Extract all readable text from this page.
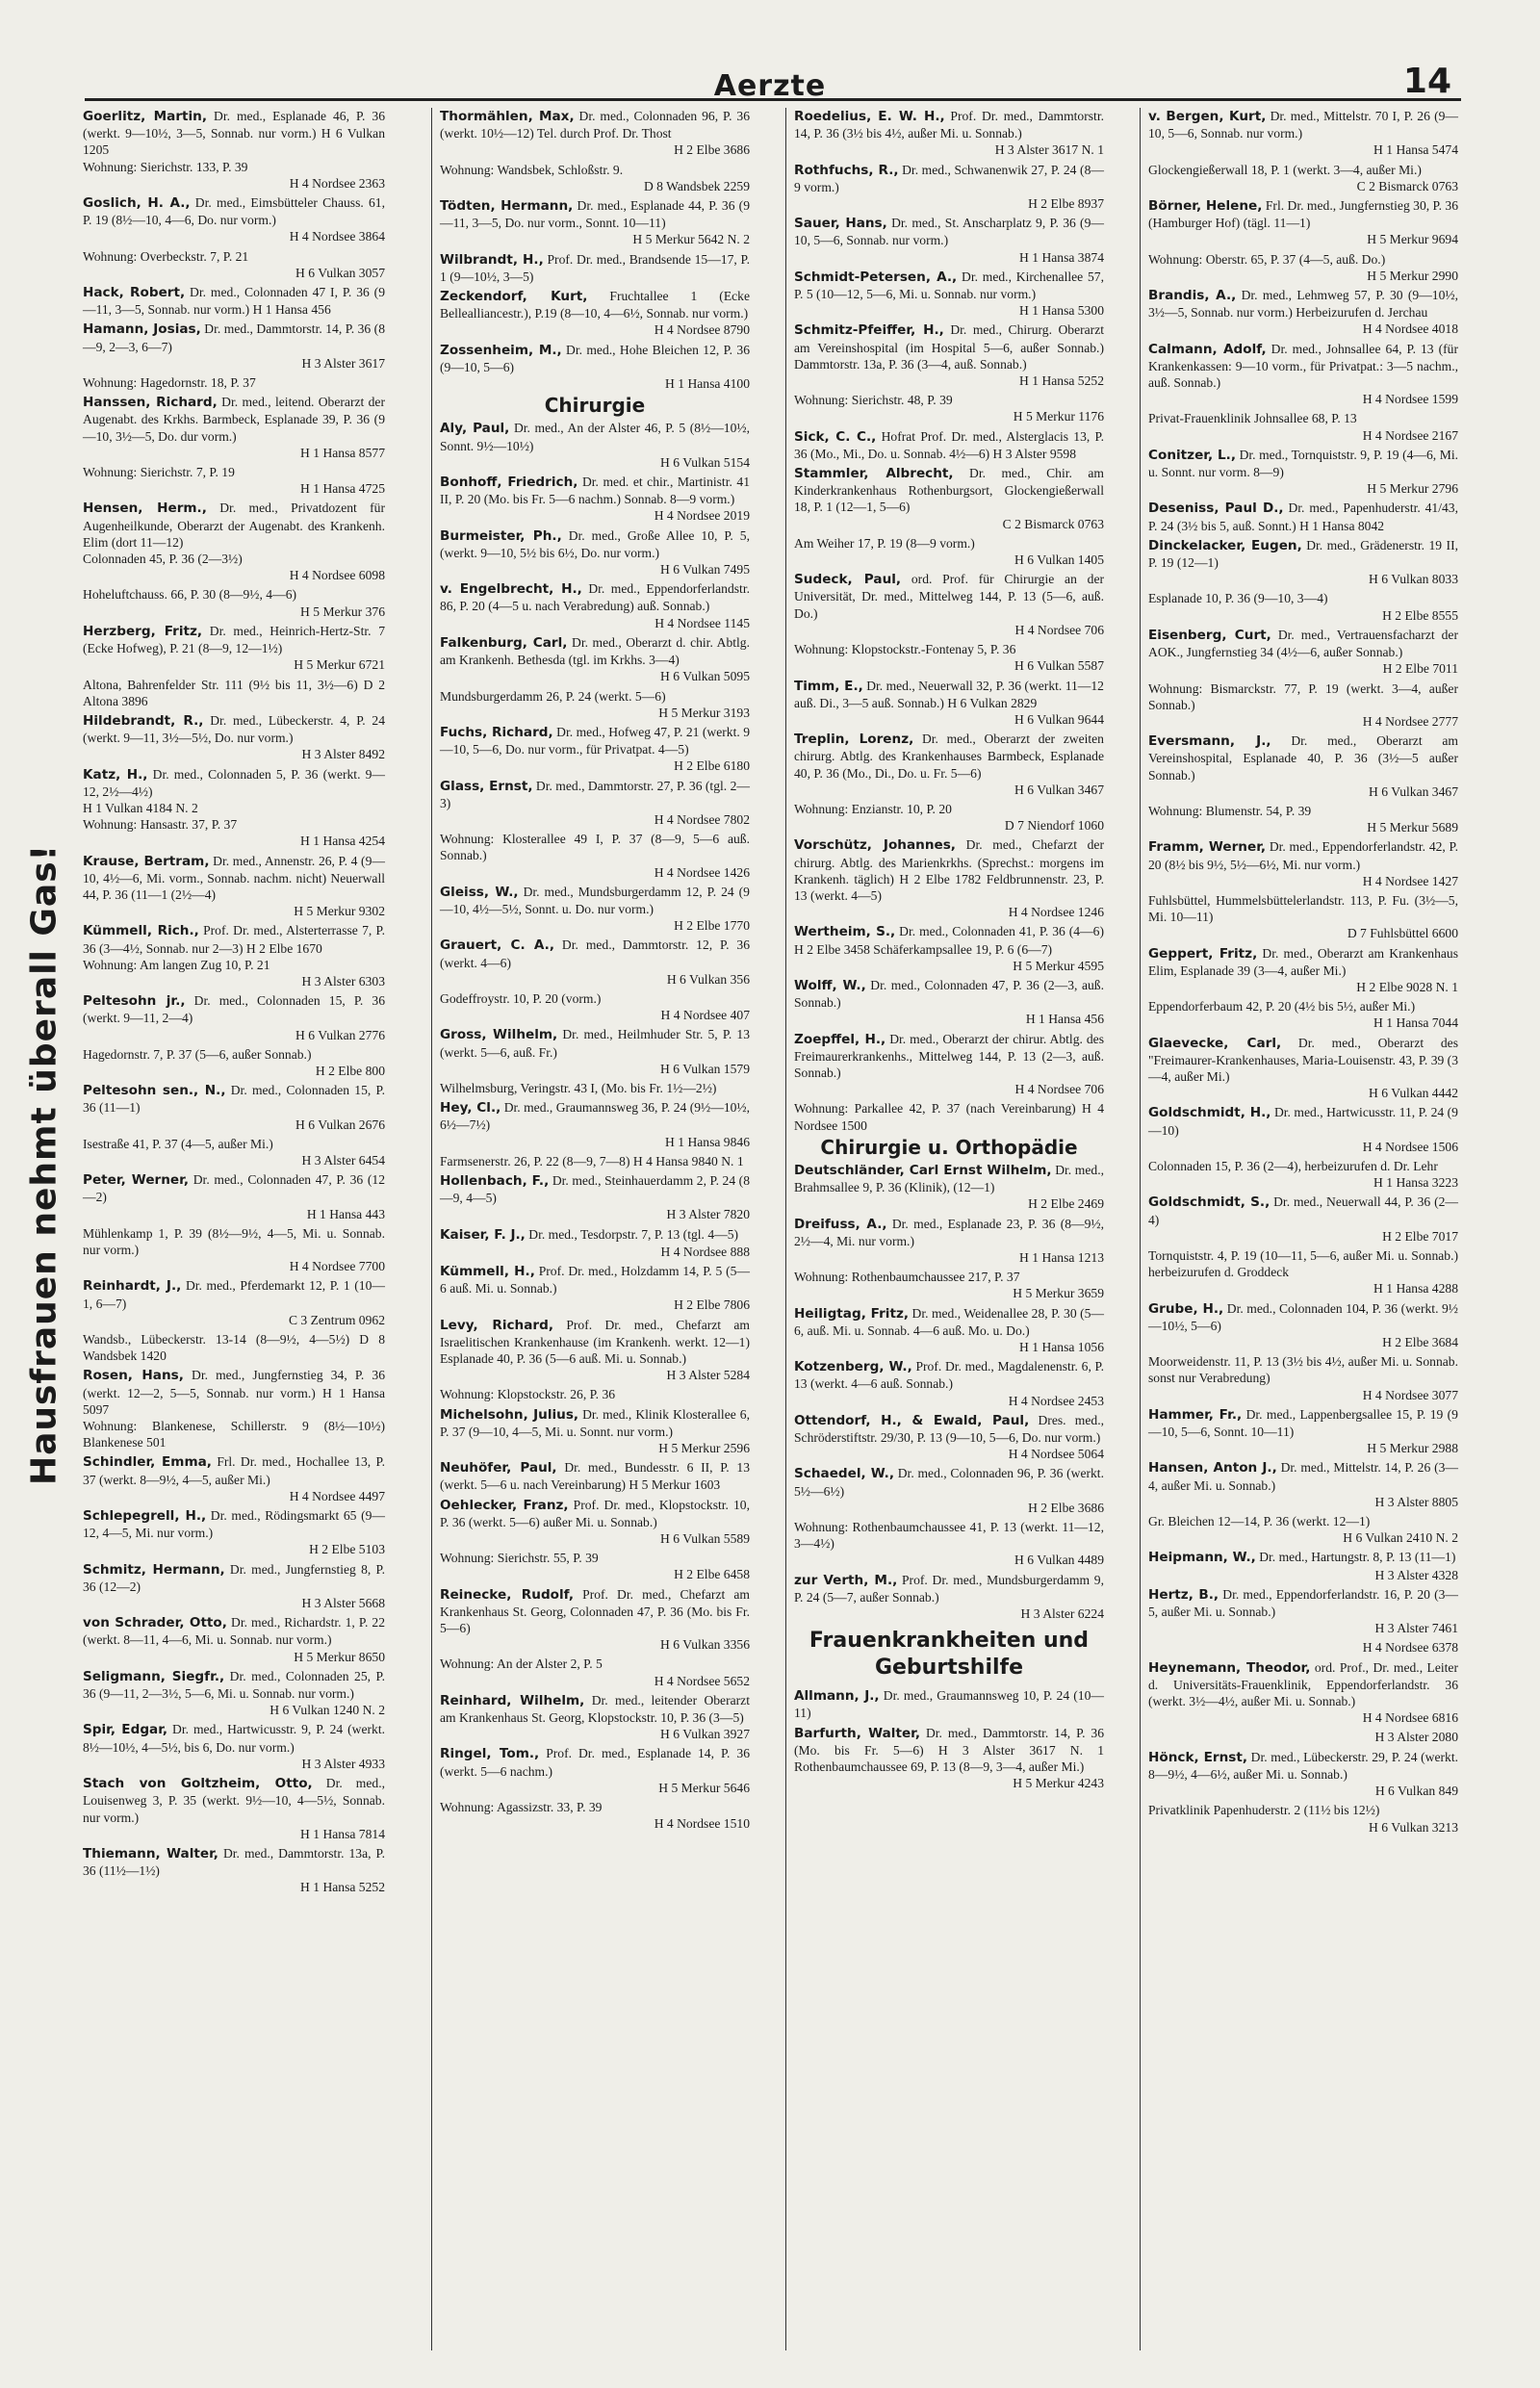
Aerzte	14
Hausfrauen nehmt überall Gas!

Goerlitz, Martin, Dr. med., Esplanade 46, P. 36 (werkt. 9—10½, 3—5, Sonnab. nur vorm.) H 6 Vulkan 1205

Wohnung: Sierichstr. 133, P. 39

H 4 Nordsee 2363

Goslich, H. A., Dr. med., Eimsbütteler Chauss. 61, P. 19 (8½—10, 4—6, Do. nur vorm.)

H 4 Nordsee 3864

Wohnung: Overbeckstr. 7, P. 21

H 6 Vulkan 3057

Hack, Robert, Dr. med., Colonnaden 47 I, P. 36 (9—11, 3—5, Sonnab. nur vorm.) H 1 Hansa 456

Hamann, Josias, Dr. med., Dammtorstr. 14, P. 36 (8—9, 2—3, 6—7)

H 3 Alster 3617

Wohnung: Hagedornstr. 18, P. 37

Hanssen, Richard, Dr. med., leitend. Oberarzt der Augenabt. des Krkhs. Barmbeck, Esplanade 39, P. 36 (9—10, 3½—5, Do. dur vorm.)

H 1 Hansa 8577

Wohnung: Sierichstr. 7, P. 19

H 1 Hansa 4725

Hensen, Herm., Dr. med., Privatdozent für Augenheilkunde, Oberarzt der Augenabt. des Krankenh. Elim (dort 11—12)

Colonnaden 45, P. 36 (2—3½)

H 4 Nordsee 6098

Hoheluftchauss. 66, P. 30 (8—9½, 4—6)

H 5 Merkur 376

Herzberg, Fritz, Dr. med., Heinrich-Hertz-Str. 7 (Ecke Hofweg), P. 21 (8—9, 12—1½)

H 5 Merkur 6721

Altona, Bahrenfelder Str. 111 (9½ bis 11, 3½—6) D 2 Altona 3896

Hildebrandt, R., Dr. med., Lübeckerstr. 4, P. 24 (werkt. 9—11, 3½—5½, Do. nur vorm.)

H 3 Alster 8492

Katz, H., Dr. med., Colonnaden 5, P. 36 (werkt. 9—12, 2½—4½)

H 1 Vulkan 4184 N. 2

Wohnung: Hansastr. 37, P. 37

H 1 Hansa 4254

Krause, Bertram, Dr. med., Annenstr. 26, P. 4 (9—10, 4½—6, Mi. vorm., Sonnab. nachm. nicht) Neuerwall 44, P. 36 (11—1 (2½—4)

H 5 Merkur 9302

Kümmell, Rich., Prof. Dr. med., Alsterterrasse 7, P. 36 (3—4½, Sonnab. nur 2—3) H 2 Elbe 1670

Wohnung: Am langen Zug 10, P. 21

H 3 Alster 6303

Peltesohn jr., Dr. med., Colonnaden 15, P. 36 (werkt. 9—11, 2—4)

H 6 Vulkan 2776

Hagedornstr. 7, P. 37 (5—6, außer Sonnab.)

H 2 Elbe 800

Peltesohn sen., N., Dr. med., Colonnaden 15, P. 36 (11—1)

H 6 Vulkan 2676

Isestraße 41, P. 37 (4—5, außer Mi.)

H 3 Alster 6454

Peter, Werner, Dr. med., Colonnaden 47, P. 36 (12—2)

H 1 Hansa 443

Mühlenkamp 1, P. 39 (8½—9½, 4—5, Mi. u. Sonnab. nur vorm.)

H 4 Nordsee 7700

Reinhardt, J., Dr. med., Pferdemarkt 12, P. 1 (10—1, 6—7)

C 3 Zentrum 0962

Wandsb., Lübeckerstr. 13-14 (8—9½, 4—5½) D 8 Wandsbek 1420

Rosen, Hans, Dr. med., Jungfernstieg 34, P. 36 (werkt. 12—2, 5—5, Sonnab. nur vorm.) H 1 Hansa 5097

Wohnung: Blankenese, Schillerstr. 9 (8½—10½) Blankenese 501

Schindler, Emma, Frl. Dr. med., Hochallee 13, P. 37 (werkt. 8—9½, 4—5, außer Mi.)

H 4 Nordsee 4497

Schlepegrell, H., Dr. med., Rödingsmarkt 65 (9—12, 4—5, Mi. nur vorm.)

H 2 Elbe 5103

Schmitz, Hermann, Dr. med., Jungfernstieg 8, P. 36 (12—2)

H 3 Alster 5668

von Schrader, Otto, Dr. med., Richardstr. 1, P. 22 (werkt. 8—11, 4—6, Mi. u. Sonnab. nur vorm.)

H 5 Merkur 8650

Seligmann, Siegfr., Dr. med., Colonnaden 25, P. 36 (9—11, 2—3½, 5—6, Mi. u. Sonnab. nur vorm.)

H 6 Vulkan 1240 N. 2

Spir, Edgar, Dr. med., Hartwicusstr. 9, P. 24 (werkt. 8½—10½, 4—5½, bis 6, Do. nur vorm.)

H 3 Alster 4933

Stach von Goltzheim, Otto, Dr. med., Louisenweg 3, P. 35 (werkt. 9½—10, 4—5½, Sonnab. nur vorm.)

H 1 Hansa 7814

Thiemann, Walter, Dr. med., Dammtorstr. 13a, P. 36 (11½—1½)

H 1 Hansa 5252

Thormählen, Max, Dr. med., Colonnaden 96, P. 36 (werkt. 10½—12) Tel. durch Prof. Dr. Thost

H 2 Elbe 3686

Wohnung: Wandsbek, Schloßstr. 9.

D 8 Wandsbek 2259

Tödten, Hermann, Dr. med., Esplanade 44, P. 36 (9—11, 3—5, Do. nur vorm., Sonnt. 10—11)

H 5 Merkur 5642 N. 2

Wilbrandt, H., Prof. Dr. med., Brandsende 15—17, P. 1 (9—10½, 3—5)

Zeckendorf, Kurt, Fruchtallee 1 (Ecke Bellealliancestr.), P.19 (8—10, 4—6½, Sonnab. nur vorm.)

H 4 Nordsee 8790

Zossenheim, M., Dr. med., Hohe Bleichen 12, P. 36 (9—10, 5—6)

H 1 Hansa 4100

Chirurgie

Aly, Paul, Dr. med., An der Alster 46, P. 5 (8½—10½, Sonnt. 9½—10½)

H 6 Vulkan 5154

Bonhoff, Friedrich, Dr. med. et chir., Martinistr. 41 II, P. 20 (Mo. bis Fr. 5—6 nachm.) Sonnab. 8—9 vorm.)

H 4 Nordsee 2019

Burmeister, Ph., Dr. med., Große Allee 10, P. 5, (werkt. 9—10, 5½ bis 6½, Do. nur vorm.)

H 6 Vulkan 7495

v. Engelbrecht, H., Dr. med., Eppendorferlandstr. 86, P. 20 (4—5 u. nach Verabredung) auß. Sonnab.)

H 4 Nordsee 1145

Falkenburg, Carl, Dr. med., Oberarzt d. chir. Abtlg. am Krankenh. Bethesda (tgl. im Krkhs. 3—4)

H 6 Vulkan 5095

Mundsburgerdamm 26, P. 24 (werkt. 5—6)

H 5 Merkur 3193

Fuchs, Richard, Dr. med., Hofweg 47, P. 21 (werkt. 9—10, 5—6, Do. nur vorm., für Privatpat. 4—5)

H 2 Elbe 6180

Glass, Ernst, Dr. med., Dammtorstr. 27, P. 36 (tgl. 2—3)

H 4 Nordsee 7802

Wohnung: Klosterallee 49 I, P. 37 (8—9, 5—6 auß. Sonnab.)

H 4 Nordsee 1426

Gleiss, W., Dr. med., Mundsburgerdamm 12, P. 24 (9—10, 4½—5½, Sonnt. u. Do. nur vorm.)

H 2 Elbe 1770

Grauert, C. A., Dr. med., Dammtorstr. 12, P. 36 (werkt. 4—6)

H 6 Vulkan 356

Godeffroystr. 10, P. 20 (vorm.)

H 4 Nordsee 407

Gross, Wilhelm, Dr. med., Heilmhuder Str. 5, P. 13 (werkt. 5—6, auß. Fr.)

H 6 Vulkan 1579

Wilhelmsburg, Veringstr. 43 I, (Mo. bis Fr. 1½—2½)

Hey, Cl., Dr. med., Graumannsweg 36, P. 24 (9½—10½, 6½—7½)

H 1 Hansa 9846

Farmsenerstr. 26, P. 22 (8—9, 7—8) H 4 Hansa 9840 N. 1

Hollenbach, F., Dr. med., Steinhauerdamm 2, P. 24 (8—9, 4—5)

H 3 Alster 7820

Kaiser, F. J., Dr. med., Tesdorpstr. 7, P. 13 (tgl. 4—5)

H 4 Nordsee 888

Kümmell, H., Prof. Dr. med., Holzdamm 14, P. 5 (5—6 auß. Mi. u. Sonnab.)

H 2 Elbe 7806

Levy, Richard, Prof. Dr. med., Chefarzt am Israelitischen Krankenhause (im Krankenh. werkt. 12—1) Esplanade 40, P. 36 (5—6 auß. Mi. u. Sonnab.)

H 3 Alster 5284

Wohnung: Klopstockstr. 26, P. 36

Michelsohn, Julius, Dr. med., Klinik Klosterallee 6, P. 37 (9—10, 4—5, Mi. u. Sonnt. nur vorm.)

H 5 Merkur 2596

Neuhöfer, Paul, Dr. med., Bundesstr. 6 II, P. 13 (werkt. 5—6 u. nach Vereinbarung) H 5 Merkur 1603

Oehlecker, Franz, Prof. Dr. med., Klopstockstr. 10, P. 36 (werkt. 5—6) außer Mi. u. Sonnab.)

H 6 Vulkan 5589

Wohnung: Sierichstr. 55, P. 39

H 2 Elbe 6458

Reinecke, Rudolf, Prof. Dr. med., Chefarzt am Krankenhaus St. Georg, Colonnaden 47, P. 36 (Mo. bis Fr. 5—6)

H 6 Vulkan 3356

Wohnung: An der Alster 2, P. 5

H 4 Nordsee 5652

Reinhard, Wilhelm, Dr. med., leitender Oberarzt am Krankenhaus St. Georg, Klopstockstr. 10, P. 36 (3—5)

H 6 Vulkan 3927

Ringel, Tom., Prof. Dr. med., Esplanade 14, P. 36 (werkt. 5—6 nachm.)

H 5 Merkur 5646

Wohnung: Agassizstr. 33, P. 39

H 4 Nordsee 1510

Roedelius, E. W. H., Prof. Dr. med., Dammtorstr. 14, P. 36 (3½ bis 4½, außer Mi. u. Sonnab.)

H 3 Alster 3617 N. 1

Rothfuchs, R., Dr. med., Schwanenwik 27, P. 24 (8—9 vorm.)

H 2 Elbe 8937

Sauer, Hans, Dr. med., St. Anscharplatz 9, P. 36 (9—10, 5—6, Sonnab. nur vorm.)

H 1 Hansa 3874

Schmidt-Petersen, A., Dr. med., Kirchenallee 57, P. 5 (10—12, 5—6, Mi. u. Sonnab. nur vorm.)

H 1 Hansa 5300

Schmitz-Pfeiffer, H., Dr. med., Chirurg. Oberarzt am Vereinshospital (im Hospital 5—6, außer Sonnab.) Dammtorstr. 13a, P. 36 (3—4, auß. Sonnab.)

H 1 Hansa 5252

Wohnung: Sierichstr. 48, P. 39

H 5 Merkur 1176

Sick, C. C., Hofrat Prof. Dr. med., Alsterglacis 13, P. 36 (Mo., Mi., Do. u. Sonnab. 4½—6) H 3 Alster 9598

Stammler, Albrecht, Dr. med., Chir. am Kinderkrankenhaus Rothenburgsort, Glockengießerwall 18, P. 1 (12—1, 5—6)

C 2 Bismarck 0763

Am Weiher 17, P. 19 (8—9 vorm.)

H 6 Vulkan 1405

Sudeck, Paul, ord. Prof. für Chirurgie an der Universität, Dr. med., Mittelweg 144, P. 13 (5—6, auß. Do.)

H 4 Nordsee 706

Wohnung: Klopstockstr.-Fontenay 5, P. 36

H 6 Vulkan 5587

Timm, E., Dr. med., Neuerwall 32, P. 36 (werkt. 11—12 auß. Di., 3—5 auß. Sonnab.) H 6 Vulkan 2829

H 6 Vulkan 9644

Treplin, Lorenz, Dr. med., Oberarzt der zweiten chirurg. Abtlg. des Krankenhauses Barmbeck, Esplanade 40, P. 36 (Mo., Di., Do. u. Fr. 5—6)

H 6 Vulkan 3467

Wohnung: Enzianstr. 10, P. 20

D 7 Niendorf 1060

Vorschütz, Johannes, Dr. med., Chefarzt der chirurg. Abtlg. des Marienkrkhs. (Sprechst.: morgens im Krankenh. täglich) H 2 Elbe 1782 Feldbrunnenstr. 23, P. 13 (werkt. 4—5)

H 4 Nordsee 1246

Wertheim, S., Dr. med., Colonnaden 41, P. 36 (4—6) H 2 Elbe 3458 Schäferkampsallee 19, P. 6 (6—7)

H 5 Merkur 4595

Wolff, W., Dr. med., Colonnaden 47, P. 36 (2—3, auß. Sonnab.)

H 1 Hansa 456

Zoepffel, H., Dr. med., Oberarzt der chirur. Abtlg. des Freimaurerkrankenhs., Mittelweg 144, P. 13 (2—3, auß. Sonnab.)

H 4 Nordsee 706

Wohnung: Parkallee 42, P. 37 (nach Vereinbarung) H 4 Nordsee 1500

Chirurgie u. Orthopädie

Deutschländer, Carl Ernst Wilhelm, Dr. med., Brahmsallee 9, P. 36 (Klinik), (12—1)

H 2 Elbe 2469

Dreifuss, A., Dr. med., Esplanade 23, P. 36 (8—9½, 2½—4, Mi. nur vorm.)

H 1 Hansa 1213

Wohnung: Rothenbaumchaussee 217, P. 37

H 5 Merkur 3659

Heiligtag, Fritz, Dr. med., Weidenallee 28, P. 30 (5—6, auß. Mi. u. Sonnab. 4—6 auß. Mo. u. Do.)

H 1 Hansa 1056

Kotzenberg, W., Prof. Dr. med., Magdalenenstr. 6, P. 13 (werkt. 4—6 auß. Sonnab.)

H 4 Nordsee 2453

Ottendorf, H., & Ewald, Paul, Dres. med., Schröderstiftstr. 29/30, P. 13 (9—10, 5—6, Do. nur vorm.)

H 4 Nordsee 5064

Schaedel, W., Dr. med., Colonnaden 96, P. 36 (werkt. 5½—6½)

H 2 Elbe 3686

Wohnung: Rothenbaumchaussee 41, P. 13 (werkt. 11—12, 3—4½)

H 6 Vulkan 4489

zur Verth, M., Prof. Dr. med., Mundsburgerdamm 9, P. 24 (5—7, außer Sonnab.)

H 3 Alster 6224

Frauenkrankheiten und Geburtshilfe

Allmann, J., Dr. med., Graumannsweg 10, P. 24 (10—11)

Barfurth, Walter, Dr. med., Dammtorstr. 14, P. 36 (Mo. bis Fr. 5—6) H 3 Alster 3617 N. 1 Rothenbaumchaussee 69, P. 13 (8—9, 3—4, außer Mi.)

H 5 Merkur 4243

v. Bergen, Kurt, Dr. med., Mittelstr. 70 I, P. 26 (9—10, 5—6, Sonnab. nur vorm.)

H 1 Hansa 5474

Glockengießerwall 18, P. 1 (werkt. 3—4, außer Mi.)

C 2 Bismarck 0763

Börner, Helene, Frl. Dr. med., Jungfernstieg 30, P. 36 (Hamburger Hof) (tägl. 11—1)

H 5 Merkur 9694

Wohnung: Oberstr. 65, P. 37 (4—5, auß. Do.)

H 5 Merkur 2990

Brandis, A., Dr. med., Lehmweg 57, P. 30 (9—10½, 3½—5, Sonnab. nur vorm.) Herbeizurufen d. Jerchau

H 4 Nordsee 4018

Calmann, Adolf, Dr. med., Johnsallee 64, P. 13 (für Krankenkassen: 9—10 vorm., für Privatpat.: 3—5 nachm., auß. Sonnab.)

H 4 Nordsee 1599

Privat-Frauenklinik Johnsallee 68, P. 13

H 4 Nordsee 2167

Conitzer, L., Dr. med., Tornquiststr. 9, P. 19 (4—6, Mi. u. Sonnt. nur vorm. 8—9)

H 5 Merkur 2796

Deseniss, Paul D., Dr. med., Papenhuderstr. 41/43, P. 24 (3½ bis 5, auß. Sonnt.) H 1 Hansa 8042

Dinckelacker, Eugen, Dr. med., Grädenerstr. 19 II, P. 19 (12—1)

H 6 Vulkan 8033

Esplanade 10, P. 36 (9—10, 3—4)

H 2 Elbe 8555

Eisenberg, Curt, Dr. med., Vertrauensfacharzt der AOK., Jungfernstieg 34 (4½—6, außer Sonnab.)

H 2 Elbe 7011

Wohnung: Bismarckstr. 77, P. 19 (werkt. 3—4, außer Sonnab.)

H 4 Nordsee 2777

Eversmann, J., Dr. med., Oberarzt am Vereinshospital, Esplanade 40, P. 36 (3½—5 außer Sonnab.)

H 6 Vulkan 3467

Wohnung: Blumenstr. 54, P. 39

H 5 Merkur 5689

Framm, Werner, Dr. med., Eppendorferlandstr. 42, P. 20 (8½ bis 9½, 5½—6½, Mi. nur vorm.)

H 4 Nordsee 1427

Fuhlsbüttel, Hummelsbüttelerlandstr. 113, P. Fu. (3½—5, Mi. 10—11)

D 7 Fuhlsbüttel 6600

Geppert, Fritz, Dr. med., Oberarzt am Krankenhaus Elim, Esplanade 39 (3—4, außer Mi.)

H 2 Elbe 9028 N. 1

Eppendorferbaum 42, P. 20 (4½ bis 5½, außer Mi.)

H 1 Hansa 7044

Glaevecke, Carl, Dr. med., Oberarzt des "Freimaurer-Krankenhauses, Maria-Louisenstr. 43, P. 39 (3—4, außer Mi.)

H 6 Vulkan 4442

Goldschmidt, H., Dr. med., Hartwicusstr. 11, P. 24 (9—10)

H 4 Nordsee 1506

Colonnaden 15, P. 36 (2—4), herbeizurufen d. Dr. Lehr

H 1 Hansa 3223

Goldschmidt, S., Dr. med., Neuerwall 44, P. 36 (2—4)

H 2 Elbe 7017

Tornquiststr. 4, P. 19 (10—11, 5—6, außer Mi. u. Sonnab.) herbeizurufen d. Groddeck

H 1 Hansa 4288

Grube, H., Dr. med., Colonnaden 104, P. 36 (werkt. 9½—10½, 5—6)

H 2 Elbe 3684

Moorweidenstr. 11, P. 13 (3½ bis 4½, außer Mi. u. Sonnab. sonst nur Verabredung)

H 4 Nordsee 3077

Hammer, Fr., Dr. med., Lappenbergsallee 15, P. 19 (9—10, 5—6, Sonnt. 10—11)

H 5 Merkur 2988

Hansen, Anton J., Dr. med., Mittelstr. 14, P. 26 (3—4, außer Mi. u. Sonnab.)

H 3 Alster 8805

Gr. Bleichen 12—14, P. 36 (werkt. 12—1)

H 6 Vulkan 2410 N. 2

Heipmann, W., Dr. med., Hartungstr. 8, P. 13 (11—1)

H 3 Alster 4328

Hertz, B., Dr. med., Eppendorferlandstr. 16, P. 20 (3—5, außer Mi. u. Sonnab.)

H 3 Alster 7461

H 4 Nordsee 6378

Heynemann, Theodor, ord. Prof., Dr. med., Leiter d. Universitäts-Frauenklinik, Eppendorferlandstr. 36 (werkt. 3½—4½, außer Mi. u. Sonnab.)

H 4 Nordsee 6816

H 3 Alster 2080

Hönck, Ernst, Dr. med., Lübeckerstr. 29, P. 24 (werkt. 8—9½, 4—6½, außer Mi. u. Sonnab.)

H 6 Vulkan 849

Privatklinik Papenhuderstr. 2 (11½ bis 12½)

H 6 Vulkan 3213
